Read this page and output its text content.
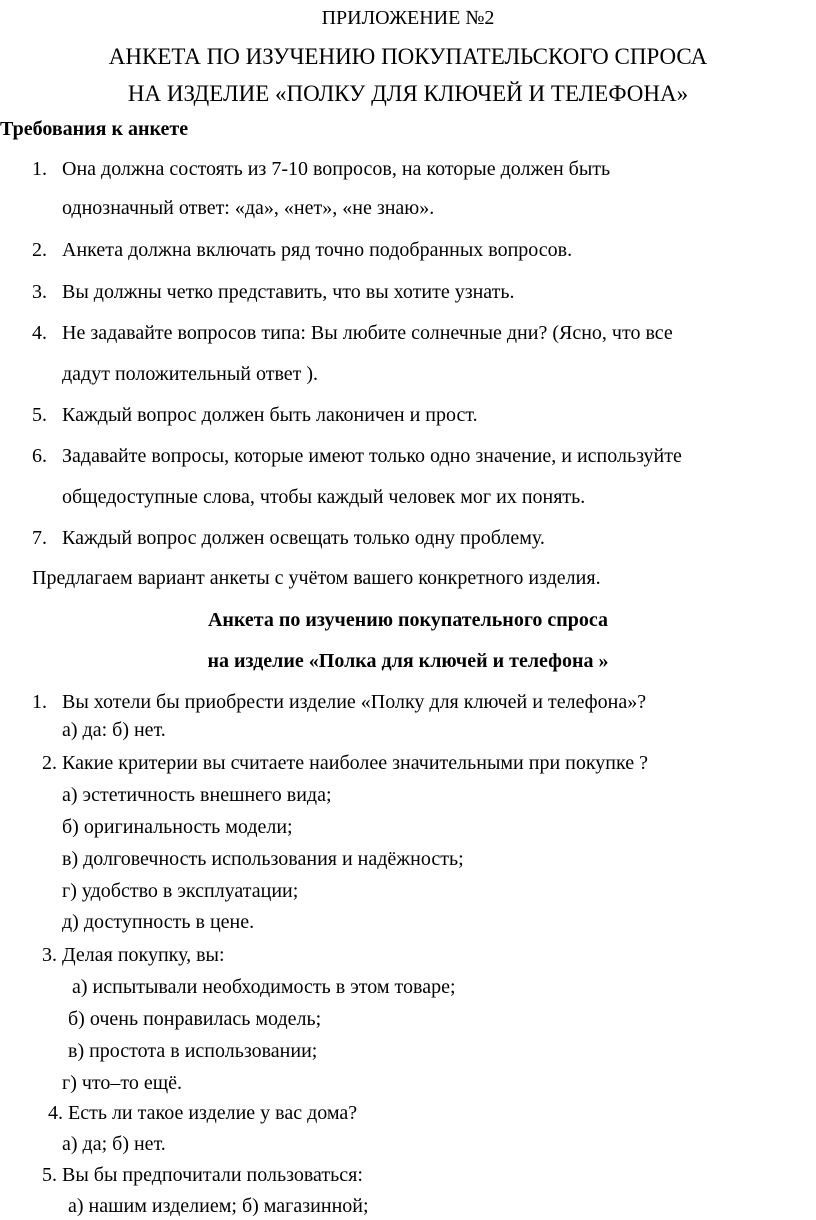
ПРИЛОЖЕНИЕ №2
АНКЕТА ПО ИЗУЧЕНИЮ ПОКУПАТЕЛЬСКОГО СПРОСА
НА ИЗДЕЛИЕ «ПОЛКУ ДЛЯ КЛЮЧЕЙ И ТЕЛЕФОНА»
Требования к анкете
1. Она должна состоять из 7-10 вопросов, на которые должен быть
однозначный ответ: «да», «нет», «не знаю».
2. Анкета должна включать ряд точно подобранных вопросов.
3. Вы должны четко представить, что вы хотите узнать.
4. Не задавайте вопросов типа: Вы любите солнечные дни? (Ясно, что все
дадут положительный ответ ).
5. Каждый вопрос должен быть лаконичен и прост.
6. Задавайте вопросы, которые имеют только одно значение, и используйте
общедоступные слова, чтобы каждый человек мог их понять.
7. Каждый вопрос должен освещать только одну проблему.
Предлагаем вариант анкеты с учётом вашего конкретного изделия.
Анкета по изучению покупательного спроса
на изделие «Полка для ключей и телефона »
1. Вы хотели бы приобрести изделие «Полку для ключей и телефона»?
а) да: б) нет.
2. Какие критерии вы считаете наиболее значительными при покупке ?
а) эстетичность внешнего вида;
б) оригинальность модели;
в) долговечность использования и надёжность;
г) удобство в эксплуатации;
д) доступность в цене.
3. Делая покупку, вы:
а) испытывали необходимость в этом товаре;
б) очень понравилась модель;
в) простота в использовании;
г) что–то ещё.
4. Есть ли такое изделие у вас дома?
а) да; б) нет.
5. Вы бы предпочитали пользоваться:
а) нашим изделием; б) магазинной;
